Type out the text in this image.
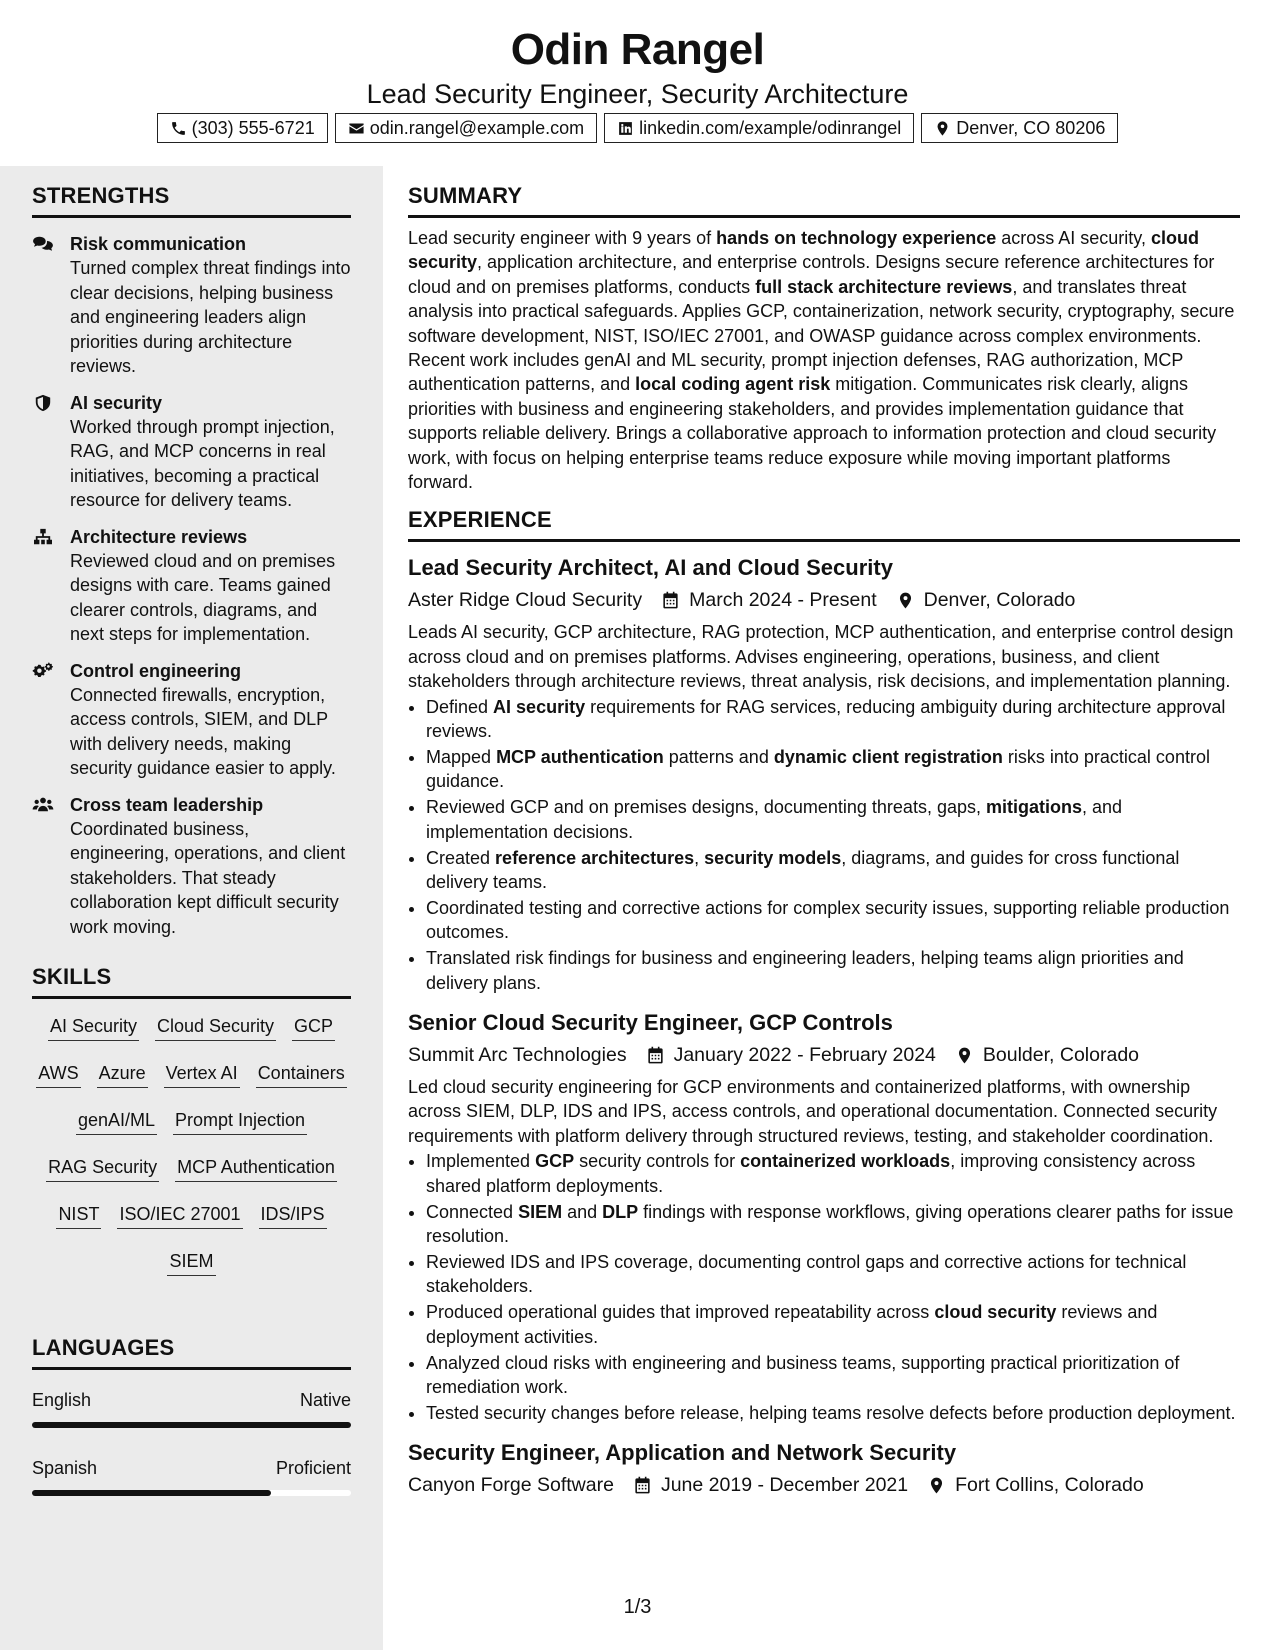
Odin Rangel
Lead Security Engineer, Security Architecture
(303) 555-6721	odin.rangel@example.com	linkedin.com/example/odinrangel	Denver, CO 80206
STRENGTHS
Risk communication
Turned complex threat findings into clear decisions, helping business and engineering leaders align priorities during architecture reviews.
AI security
Worked through prompt injection, RAG, and MCP concerns in real initiatives, becoming a practical resource for delivery teams.
Architecture reviews
Reviewed cloud and on premises designs with care. Teams gained clearer controls, diagrams, and next steps for implementation.
Control engineering
Connected firewalls, encryption, access controls, SIEM, and DLP with delivery needs, making security guidance easier to apply.
Cross team leadership
Coordinated business, engineering, operations, and client stakeholders. That steady collaboration kept difficult security work moving.
SKILLS
AI Security Cloud Security GCP
AWS Azure Vertex AI Containers
genAI/ML Prompt Injection
RAG Security MCP Authentication
NIST ISO/IEC 27001 IDS/IPS
SIEM
LANGUAGES
English	Native
Spanish	Proficient
SUMMARY
Lead security engineer with 9 years of hands on technology experience across AI security, cloud security, application architecture, and enterprise controls. Designs secure reference architectures for cloud and on premises platforms, conducts full stack architecture reviews, and translates threat analysis into practical safeguards. Applies GCP, containerization, network security, cryptography, secure software development, NIST, ISO/IEC 27001, and OWASP guidance across complex environments. Recent work includes genAI and ML security, prompt injection defenses, RAG authorization, MCP authentication patterns, and local coding agent risk mitigation. Communicates risk clearly, aligns priorities with business and engineering stakeholders, and provides implementation guidance that supports reliable delivery. Brings a collaborative approach to information protection and cloud security work, with focus on helping enterprise teams reduce exposure while moving important platforms forward.
EXPERIENCE
Lead Security Architect, AI and Cloud Security
Aster Ridge Cloud Security March 2024 - Present Denver, Colorado
Leads AI security, GCP architecture, RAG protection, MCP authentication, and enterprise control design across cloud and on premises platforms. Advises engineering, operations, business, and client stakeholders through architecture reviews, threat analysis, risk decisions, and implementation planning.
• Defined AI security requirements for RAG services, reducing ambiguity during architecture approval reviews.
• Mapped MCP authentication patterns and dynamic client registration risks into practical control guidance.
• Reviewed GCP and on premises designs, documenting threats, gaps, mitigations, and implementation decisions.
• Created reference architectures, security models, diagrams, and guides for cross functional delivery teams.
• Coordinated testing and corrective actions for complex security issues, supporting reliable production outcomes.
• Translated risk findings for business and engineering leaders, helping teams align priorities and delivery plans.
Senior Cloud Security Engineer, GCP Controls
Summit Arc Technologies January 2022 - February 2024 Boulder, Colorado
Led cloud security engineering for GCP environments and containerized platforms, with ownership across SIEM, DLP, IDS and IPS, access controls, and operational documentation. Connected security requirements with platform delivery through structured reviews, testing, and stakeholder coordination.
• Implemented GCP security controls for containerized workloads, improving consistency across shared platform deployments.
• Connected SIEM and DLP findings with response workflows, giving operations clearer paths for issue resolution.
• Reviewed IDS and IPS coverage, documenting control gaps and corrective actions for technical stakeholders.
• Produced operational guides that improved repeatability across cloud security reviews and deployment activities.
• Analyzed cloud risks with engineering and business teams, supporting practical prioritization of remediation work.
• Tested security changes before release, helping teams resolve defects before production deployment.
Security Engineer, Application and Network Security
Canyon Forge Software June 2019 - December 2021 Fort Collins, Colorado
1/3
